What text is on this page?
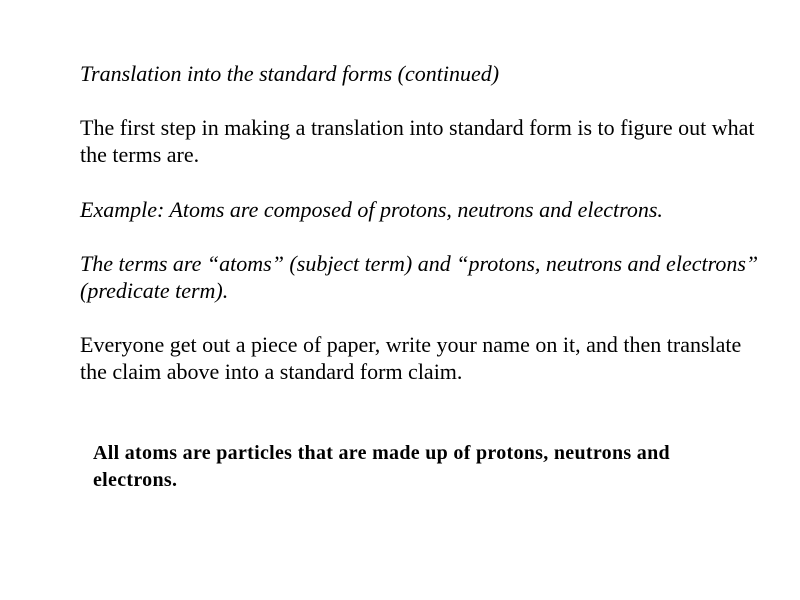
Translation into the standard forms (continued)

The first step in making a translation into standard form is to figure out what the terms are.

Example: Atoms are composed of protons, neutrons and electrons.

The terms are “atoms” (subject term) and “protons, neutrons and electrons” (predicate term).

Everyone get out a piece of paper, write your name on it, and then translate the claim above into a standard form claim.

All atoms are particles that are made up of protons, neutrons and electrons.
